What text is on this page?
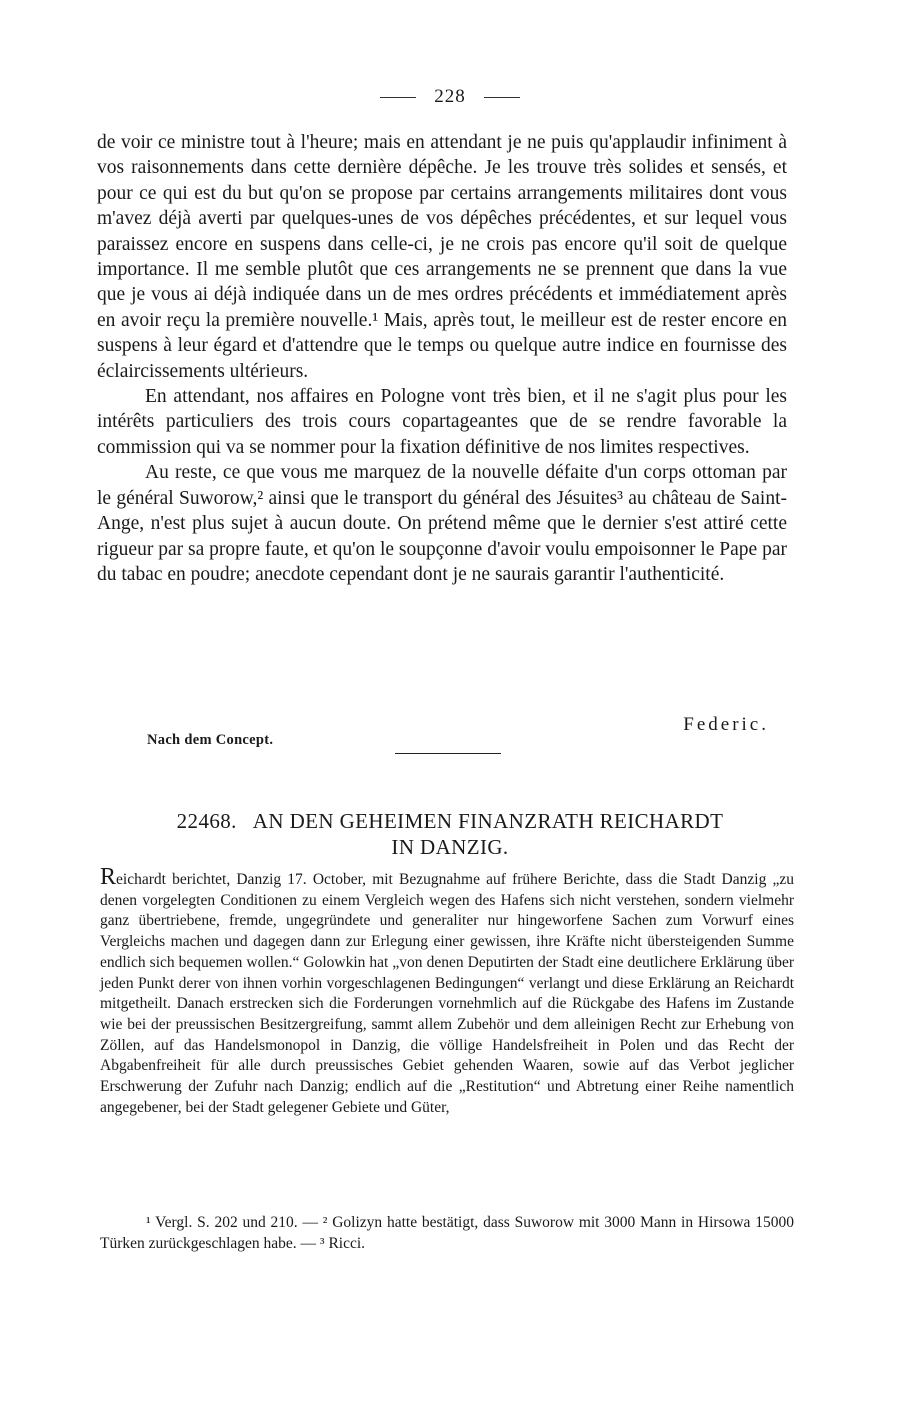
228

de voir ce ministre tout à l'heure; mais en attendant je ne puis qu'applaudir infiniment à vos raisonnements dans cette dernière dépêche. Je les trouve très solides et sensés, et pour ce qui est du but qu'on se propose par certains arrangements militaires dont vous m'avez déjà averti par quelques-unes de vos dépêches précédentes, et sur lequel vous paraissez encore en suspens dans celle-ci, je ne crois pas encore qu'il soit de quelque importance. Il me semble plutôt que ces arrangements ne se prennent que dans la vue que je vous ai déjà indiquée dans un de mes ordres précédents et immédiatement après en avoir reçu la première nouvelle.¹ Mais, après tout, le meilleur est de rester encore en suspens à leur égard et d'attendre que le temps ou quelque autre indice en fournisse des éclaircissements ultérieurs.

En attendant, nos affaires en Pologne vont très bien, et il ne s'agit plus pour les intérêts particuliers des trois cours copartageantes que de se rendre favorable la commission qui va se nommer pour la fixation définitive de nos limites respectives.

Au reste, ce que vous me marquez de la nouvelle défaite d'un corps ottoman par le général Suworow,² ainsi que le transport du général des Jésuites³ au château de Saint-Ange, n'est plus sujet à aucun doute. On prétend même que le dernier s'est attiré cette rigueur par sa propre faute, et qu'on le soupçonne d'avoir voulu empoisonner le Pape par du tabac en poudre; anecdote cependant dont je ne saurais garantir l'authenticité.

Nach dem Concept.
Federic.
22468. AN DEN GEHEIMEN FINANZRATH REICHARDT
IN DANZIG.

Reichardt berichtet, Danzig 17. October, mit Bezugnahme auf frühere Berichte, dass die Stadt Danzig „zu denen vorgelegten Conditionen zu einem Vergleich wegen des Hafens sich nicht verstehen, sondern vielmehr ganz übertriebene, fremde, ungegründete und generaliter nur hingeworfene Sachen zum Vorwurf eines Vergleichs machen und dagegen dann zur Erlegung einer gewissen, ihre Kräfte nicht übersteigenden Summe endlich sich bequemen wollen.“ Golowkin hat „von denen Deputirten der Stadt eine deutlichere Erklärung über jeden Punkt derer von ihnen vorhin vorgeschlagenen Bedingungen“ verlangt und diese Erklärung an Reichardt mitgetheilt. Danach erstrecken sich die Forderungen vornehmlich auf die Rückgabe des Hafens im Zustande wie bei der preussischen Besitzergreifung, sammt allem Zubehör und dem alleinigen Recht zur Erhebung von Zöllen, auf das Handelsmonopol in Danzig, die völlige Handelsfreiheit in Polen und das Recht der Abgabenfreiheit für alle durch preussisches Gebiet gehenden Waaren, sowie auf das Verbot jeglicher Erschwerung der Zufuhr nach Danzig; endlich auf die „Restitution“ und Abtretung einer Reihe namentlich angegebener, bei der Stadt gelegener Gebiete und Güter,

¹ Vergl. S. 202 und 210. — ² Golizyn hatte bestätigt, dass Suworow mit 3000 Mann in Hirsowa 15000 Türken zurückgeschlagen habe. — ³ Ricci.
